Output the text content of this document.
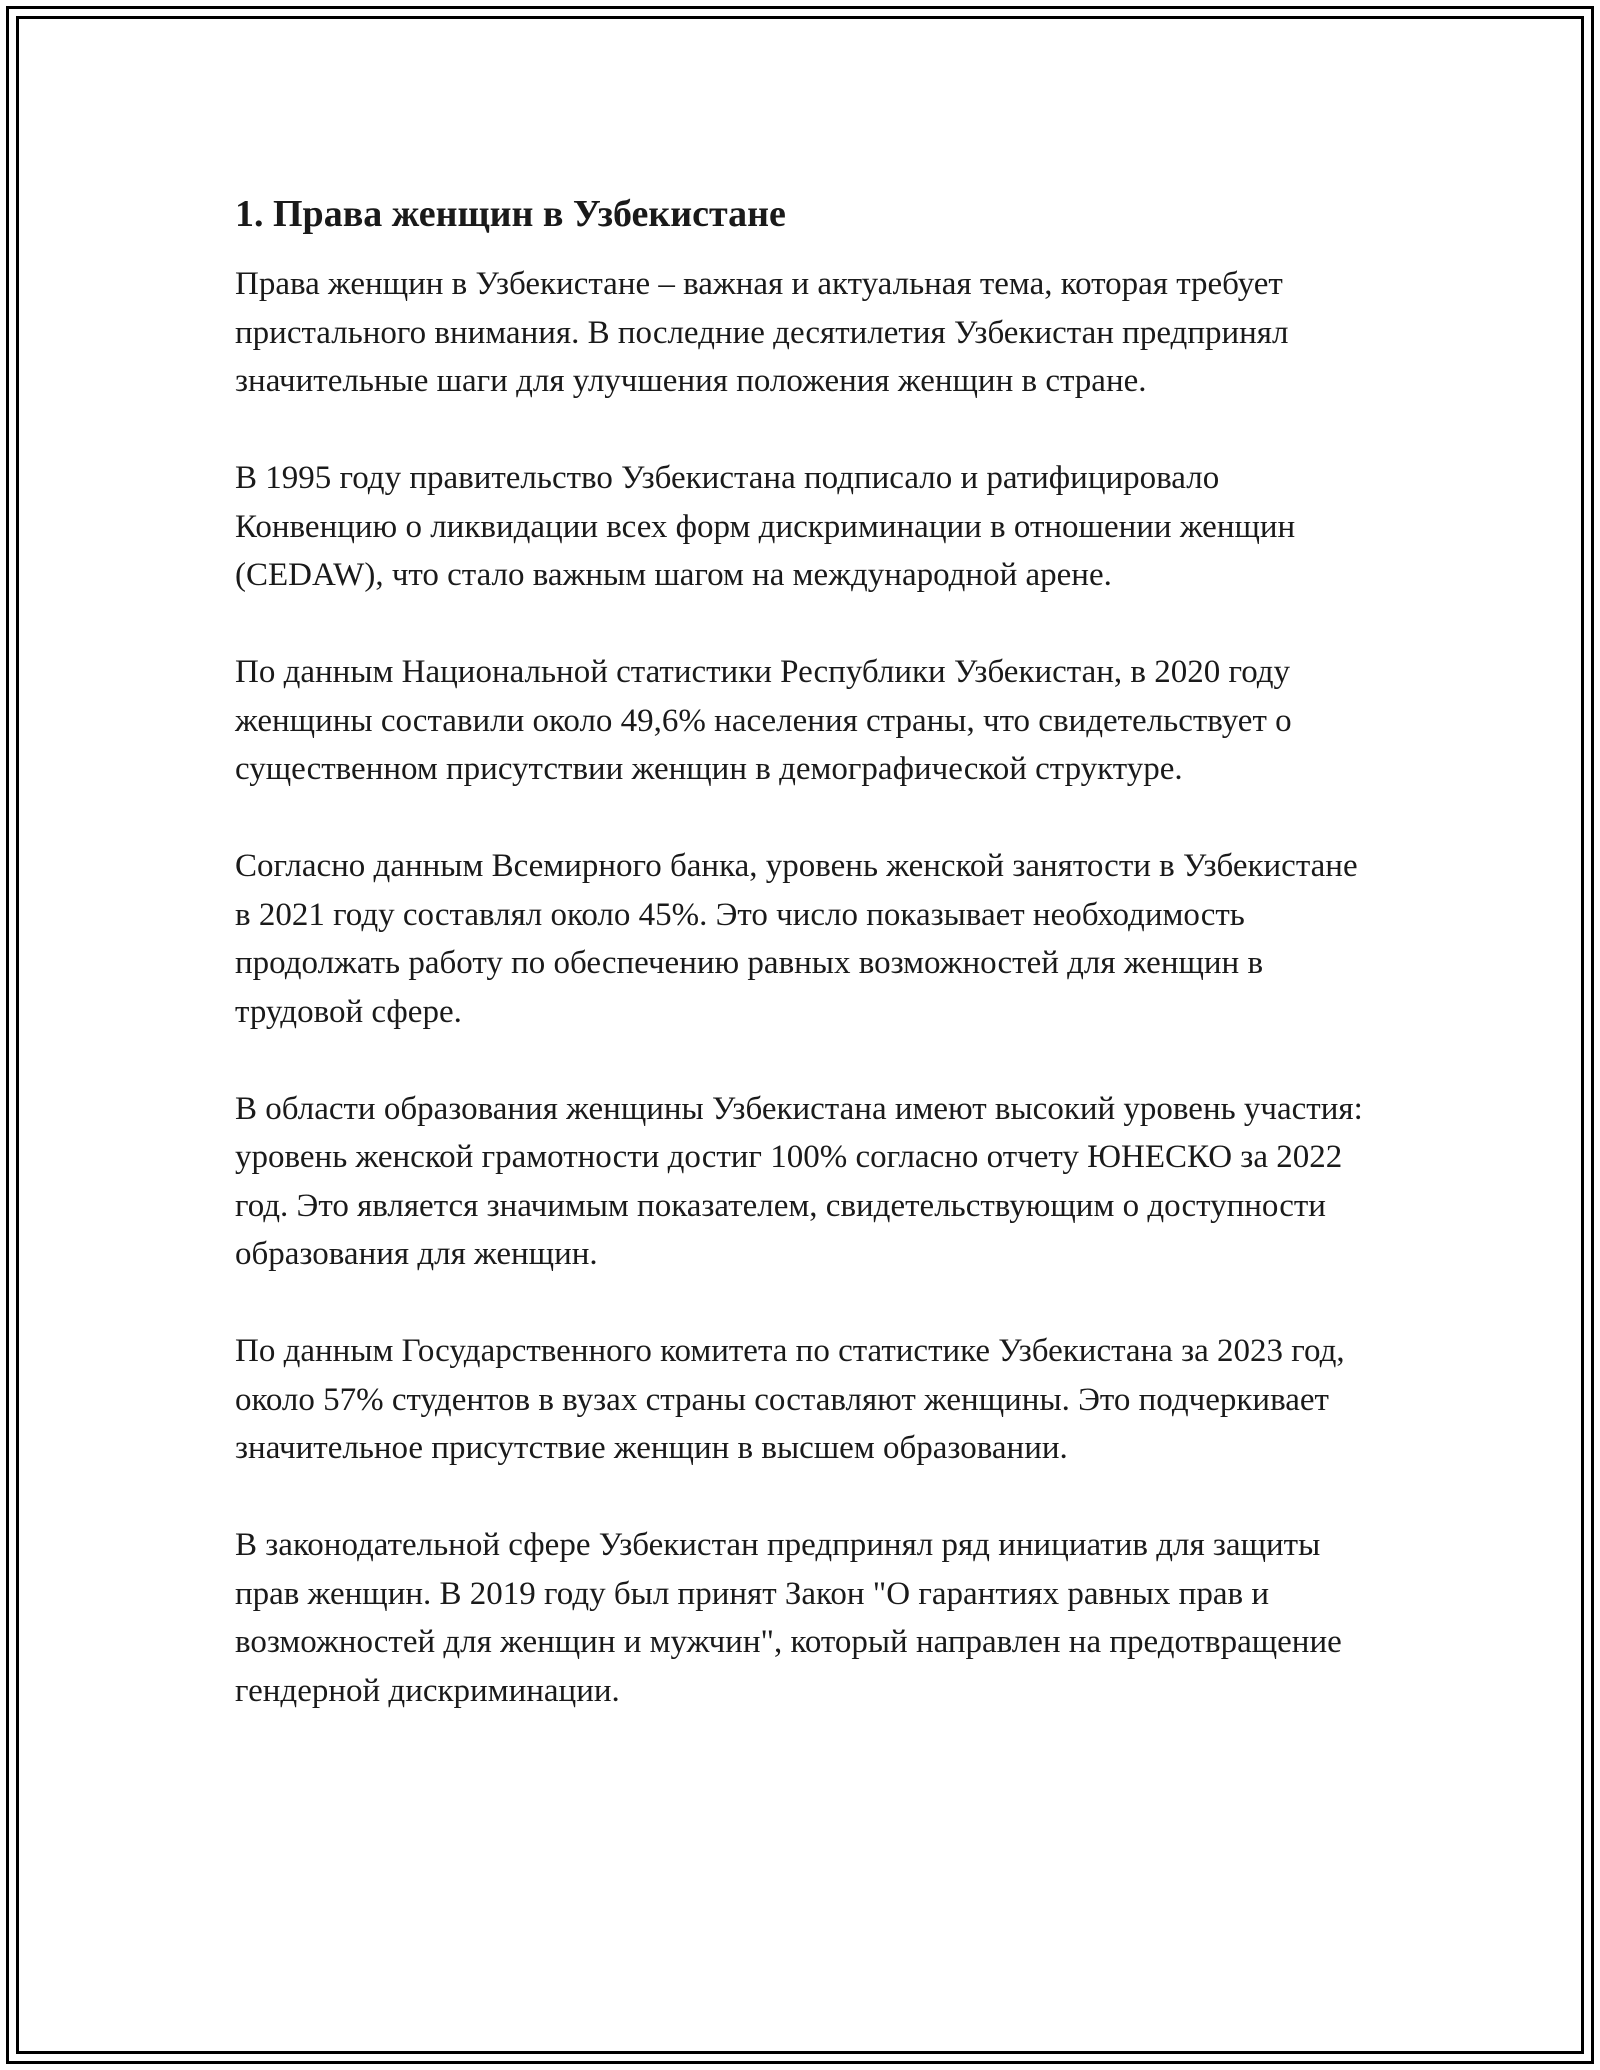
1. Права женщин в Узбекистане

Права женщин в Узбекистане – важная и актуальная тема, которая требует пристального внимания. В последние десятилетия Узбекистан предпринял значительные шаги для улучшения положения женщин в стране.

В 1995 году правительство Узбекистана подписало и ратифицировало Конвенцию о ликвидации всех форм дискриминации в отношении женщин (CEDAW), что стало важным шагом на международной арене.

По данным Национальной статистики Республики Узбекистан, в 2020 году женщины составили около 49,6% населения страны, что свидетельствует о существенном присутствии женщин в демографической структуре.

Согласно данным Всемирного банка, уровень женской занятости в Узбекистане в 2021 году составлял около 45%. Это число показывает необходимость продолжать работу по обеспечению равных возможностей для женщин в трудовой сфере.

В области образования женщины Узбекистана имеют высокий уровень участия: уровень женской грамотности достиг 100% согласно отчету ЮНЕСКО за 2022 год. Это является значимым показателем, свидетельствующим о доступности образования для женщин.

По данным Государственного комитета по статистике Узбекистана за 2023 год, около 57% студентов в вузах страны составляют женщины. Это подчеркивает значительное присутствие женщин в высшем образовании.

В законодательной сфере Узбекистан предпринял ряд инициатив для защиты прав женщин. В 2019 году был принят Закон "О гарантиях равных прав и возможностей для женщин и мужчин", который направлен на предотвращение гендерной дискриминации.
